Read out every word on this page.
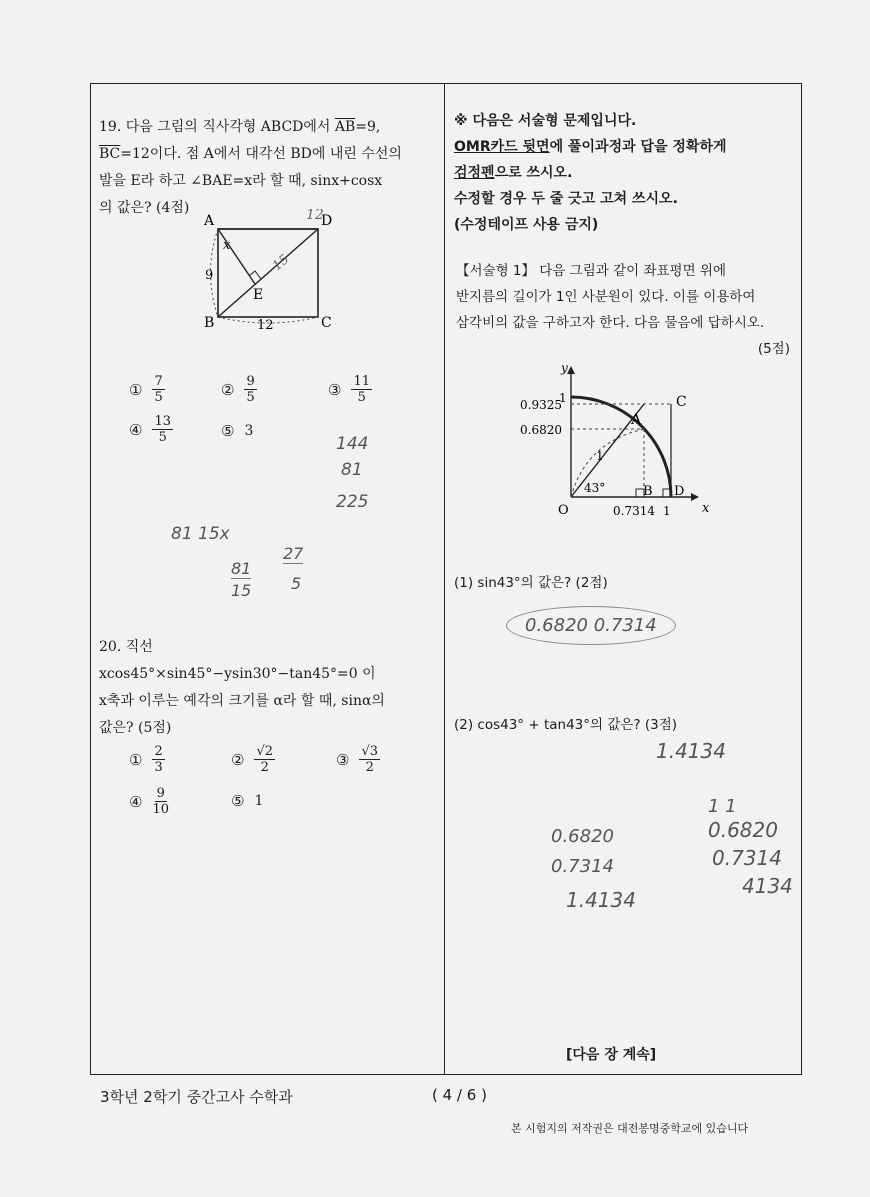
19. 다음 그림의 직사각형 ABCD에서 $\overline{AB}=9$,
$\overline{BC}=12$이다. 점 A에서 대각선 BD에 내린 수선의
발을 E라 하고 ∠BAE=x라 할 때, sinx+cosx
의 값은? (4점)
A	D
B	C
E
x
9
12
12
15
① $\frac{7}{5}$	② $\frac{9}{5}$	③ $\frac{11}{5}$
④ $\frac{13}{5}$	⑤ 3
144
81
225
81 15x
81
15
27
5
20. 직선
xcos45°×sin45°−ysin30°−tan45°=0 이
x축과 이루는 예각의 크기를 α라 할 때, sinα의
값은? (5점)
① $\frac{2}{3}$	② $\frac{√2}{2}$	③ $\frac{√3}{2}$
④ $\frac{9}{10}$	⑤ 1
※ 다음은 서술형 문제입니다.
OMR카드 뒷면에 풀이과정과 답을 정확하게
검정펜으로 쓰시오.
수정할 경우 두 줄 긋고 고쳐 쓰시오.
(수정테이프 사용 금지)
【서술형 1】 다음 그림과 같이 좌표평면 위에
반지름의 길이가 1인 사분원이 있다. 이를 이용하여
삼각비의 값을 구하고자 한다. 다음 물음에 답하시오.
(5점)
y
x
O
1
0.9325
0.6820
A
C
B D
1
43°
0.7314 1
(1) sin43°의 값은? (2점)
0.6820 0.7314
(2) cos43° + tan43°의 값은? (3점)
1.4134
0.6820
0.7314
1.4134
1 1
0.6820
0.7314
4134
[다음 장 계속]
3학년 2학기 중간고사 수학과	( 4 / 6 )
본 시험지의 저작권은 대전봉명중학교에 있습니다
